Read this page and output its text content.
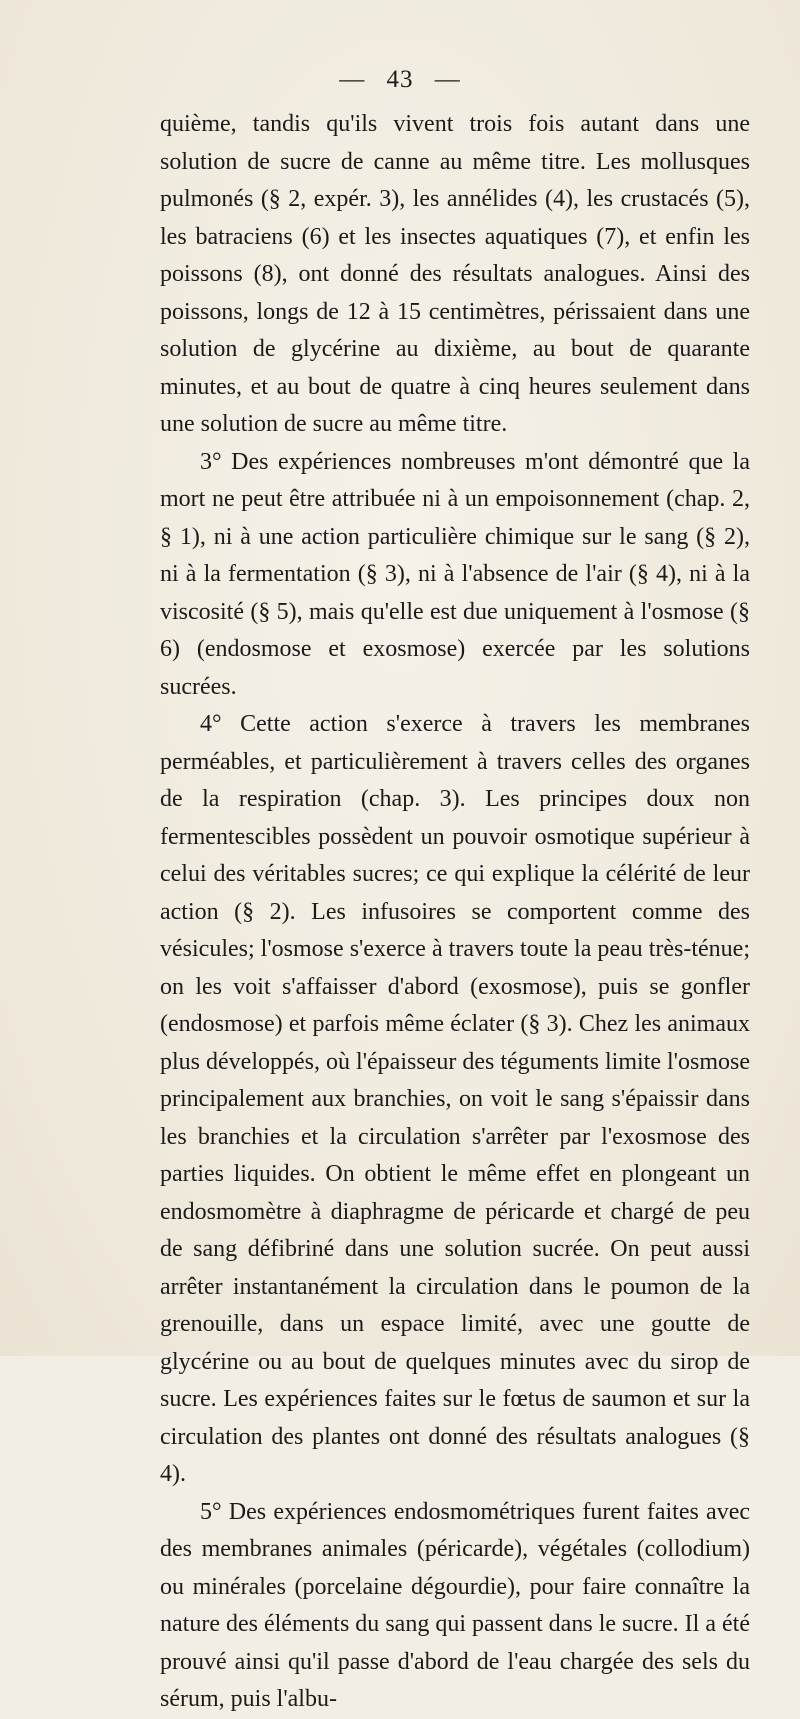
— 43 —

quième, tandis qu'ils vivent trois fois autant dans une solution de sucre de canne au même titre. Les mollusques pulmonés (§ 2, expér. 3), les annélides (4), les crustacés (5), les batraciens (6) et les insectes aquatiques (7), et enfin les poissons (8), ont donné des résultats analogues. Ainsi des poissons, longs de 12 à 15 centimètres, périssaient dans une solution de glycérine au dixième, au bout de quarante minutes, et au bout de quatre à cinq heures seulement dans une solution de sucre au même titre.

3° Des expériences nombreuses m'ont démontré que la mort ne peut être attribuée ni à un empoisonnement (chap. 2, § 1), ni à une action particulière chimique sur le sang (§ 2), ni à la fermentation (§ 3), ni à l'absence de l'air (§ 4), ni à la viscosité (§ 5), mais qu'elle est due uniquement à l'osmose (§ 6) (endosmose et exosmose) exercée par les solutions sucrées.

4° Cette action s'exerce à travers les membranes perméables, et particulièrement à travers celles des organes de la respiration (chap. 3). Les principes doux non fermentescibles possèdent un pouvoir osmotique supérieur à celui des véritables sucres; ce qui explique la célérité de leur action (§ 2). Les infusoires se comportent comme des vésicules; l'osmose s'exerce à travers toute la peau très-ténue; on les voit s'affaisser d'abord (exosmose), puis se gonfler (endosmose) et parfois même éclater (§ 3). Chez les animaux plus développés, où l'épaisseur des téguments limite l'osmose principalement aux branchies, on voit le sang s'épaissir dans les branchies et la circulation s'arrêter par l'exosmose des parties liquides. On obtient le même effet en plongeant un endosmomètre à diaphragme de péricarde et chargé de peu de sang défibriné dans une solution sucrée. On peut aussi arrêter instantanément la circulation dans le poumon de la grenouille, dans un espace limité, avec une goutte de glycérine ou au bout de quelques minutes avec du sirop de sucre. Les expériences faites sur le fœtus de saumon et sur la circulation des plantes ont donné des résultats analogues (§ 4).

5° Des expériences endosmométriques furent faites avec des membranes animales (péricarde), végétales (collodium) ou minérales (porcelaine dégourdie), pour faire connaître la nature des éléments du sang qui passent dans le sucre. Il a été prouvé ainsi qu'il passe d'abord de l'eau chargée des sels du sérum, puis l'albu-
